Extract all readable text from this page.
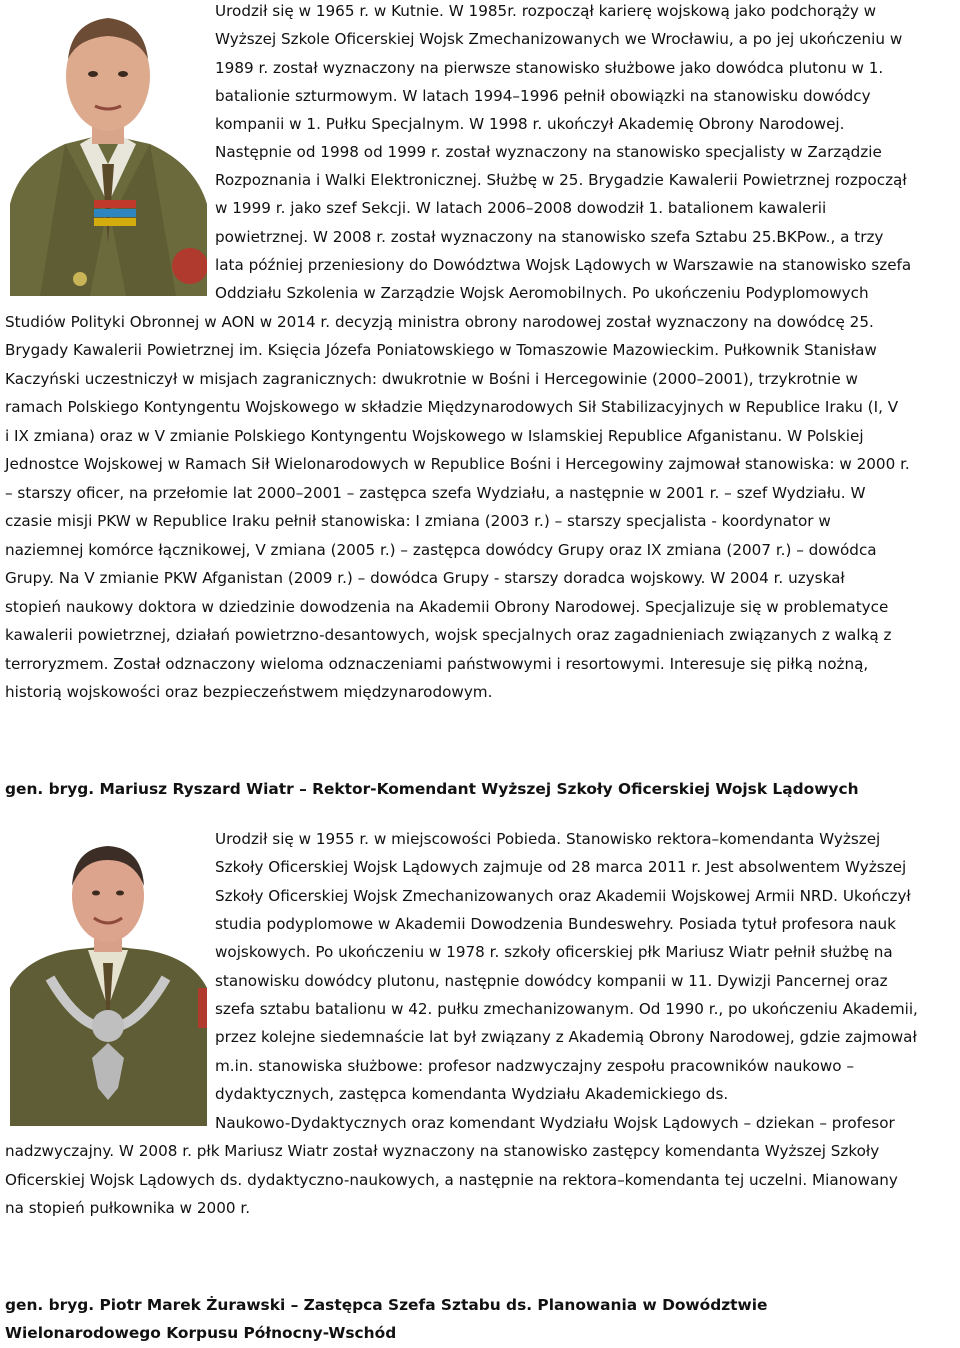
Urodził się w 1965 r. w Kutnie. W 1985r. rozpoczął karierę wojskową jako podchorąży w
Wyższej Szkole Oficerskiej Wojsk Zmechanizowanych we Wrocławiu, a po jej ukończeniu w
1989 r. został wyznaczony na pierwsze stanowisko służbowe jako dowódca plutonu w 1.
batalionie szturmowym. W latach 1994–1996 pełnił obowiązki na stanowisku dowódcy
kompanii w 1. Pułku Specjalnym. W 1998 r. ukończył Akademię Obrony Narodowej.
Następnie od 1998 od 1999 r. został wyznaczony na stanowisko specjalisty w Zarządzie
Rozpoznania i Walki Elektronicznej. Służbę w 25. Brygadzie Kawalerii Powietrznej rozpoczął
w 1999 r. jako szef Sekcji. W latach 2006–2008 dowodził 1. batalionem kawalerii
powietrznej. W 2008 r. został wyznaczony na stanowisko szefa Sztabu 25.BKPow., a trzy
lata później przeniesiony do Dowództwa Wojsk Lądowych w Warszawie na stanowisko szefa
Oddziału Szkolenia w Zarządzie Wojsk Aeromobilnych. Po ukończeniu Podyplomowych
Studiów Polityki Obronnej w AON w 2014 r. decyzją ministra obrony narodowej został wyznaczony na dowódcę 25.
Brygady Kawalerii Powietrznej im. Księcia Józefa Poniatowskiego w Tomaszowie Mazowieckim. Pułkownik Stanisław
Kaczyński uczestniczył w misjach zagranicznych: dwukrotnie w Bośni i Hercegowinie (2000–2001), trzykrotnie w
ramach Polskiego Kontyngentu Wojskowego w składzie Międzynarodowych Sił Stabilizacyjnych w Republice Iraku (I, V
i IX zmiana) oraz w V zmianie Polskiego Kontyngentu Wojskowego w Islamskiej Republice Afganistanu. W Polskiej
Jednostce Wojskowej w Ramach Sił Wielonarodowych w Republice Bośni i Hercegowiny zajmował stanowiska: w 2000 r.
– starszy oficer, na przełomie lat 2000–2001 – zastępca szefa Wydziału, a następnie w 2001 r. – szef Wydziału. W
czasie misji PKW w Republice Iraku pełnił stanowiska: I zmiana (2003 r.) – starszy specjalista - koordynator w
naziemnej komórce łącznikowej, V zmiana (2005 r.) – zastępca dowódcy Grupy oraz IX zmiana (2007 r.) – dowódca
Grupy. Na V zmianie PKW Afganistan (2009 r.) – dowódca Grupy - starszy doradca wojskowy. W 2004 r. uzyskał
stopień naukowy doktora w dziedzinie dowodzenia na Akademii Obrony Narodowej. Specjalizuje się w problematyce
kawalerii powietrznej, działań powietrzno-desantowych, wojsk specjalnych oraz zagadnieniach związanych z walką z
terroryzmem. Został odznaczony wieloma odznaczeniami państwowymi i resortowymi. Interesuje się piłką nożną,
historią wojskowości oraz bezpieczeństwem międzynarodowym.
gen. bryg. Mariusz Ryszard Wiatr – Rektor-Komendant Wyższej Szkoły Oficerskiej Wojsk Lądowych
Urodził się w 1955 r. w miejscowości Pobieda. Stanowisko rektora–komendanta Wyższej
Szkoły Oficerskiej Wojsk Lądowych zajmuje od 28 marca 2011 r. Jest absolwentem Wyższej
Szkoły Oficerskiej Wojsk Zmechanizowanych oraz Akademii Wojskowej Armii NRD. Ukończył
studia podyplomowe w Akademii Dowodzenia Bundeswehry. Posiada tytuł profesora nauk
wojskowych. Po ukończeniu w 1978 r. szkoły oficerskiej płk Mariusz Wiatr pełnił służbę na
stanowisku dowódcy plutonu, następnie dowódcy kompanii w 11. Dywizji Pancernej oraz
szefa sztabu batalionu w 42. pułku zmechanizowanym. Od 1990 r., po ukończeniu Akademii,
przez kolejne siedemnaście lat był związany z Akademią Obrony Narodowej, gdzie zajmował
m.in. stanowiska służbowe: profesor nadzwyczajny zespołu pracowników naukowo –
dydaktycznych, zastępca komendanta Wydziału Akademickiego ds.
Naukowo-Dydaktycznych oraz komendant Wydziału Wojsk Lądowych – dziekan – profesor
nadzwyczajny. W 2008 r. płk Mariusz Wiatr został wyznaczony na stanowisko zastępcy komendanta Wyższej Szkoły
Oficerskiej Wojsk Lądowych ds. dydaktyczno-naukowych, a następnie na rektora–komendanta tej uczelni. Mianowany
na stopień pułkownika w 2000 r.
gen. bryg. Piotr Marek Żurawski – Zastępca Szefa Sztabu ds. Planowania w Dowództwie
Wielonarodowego Korpusu Północny-Wschód
